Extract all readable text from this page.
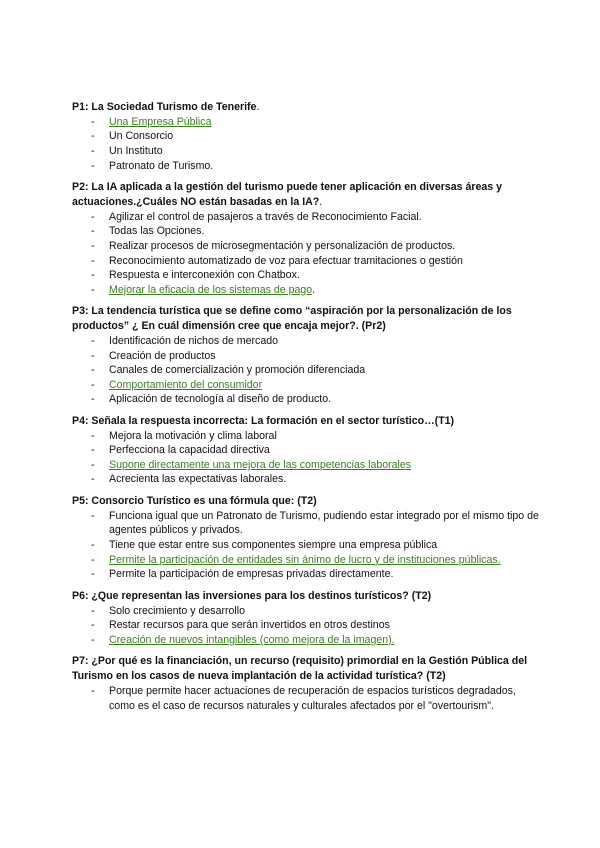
P1: La Sociedad Turismo de Tenerife.

- Una Empresa Pública
- Un Consorcio
- Un Instituto
- Patronato de Turismo.

P2: La IA aplicada a la gestión del turismo puede tener aplicación en diversas áreas y actuaciones.¿Cuáles NO están basadas en la IA?.

- Agilizar el control de pasajeros a través de Reconocimiento Facial.
- Todas las Opciones.
- Realizar procesos de microsegmentación y personalización de productos.
- Reconocimiento automatizado de voz para efectuar tramitaciones o gestión
- Respuesta e interconexión con Chatbox.
- Mejorar la eficacia de los sistemas de pago.

P3: La tendencia turística que se define como “aspiración por la personalización de los productos” ¿ En cuál dimensión cree que encaja mejor?. (Pr2)

- Identificación de nichos de mercado
- Creación de productos
- Canales de comercialización y promoción diferenciada
- Comportamiento del consumidor
- Aplicación de tecnología al diseño de producto.

P4: Señala la respuesta incorrecta: La formación en el sector turístico…(T1)

- Mejora la motivación y clima laboral
- Perfecciona la capacidad directiva
- Supone directamente una mejora de las competencias laborales
- Acrecienta las expectativas laborales.

P5: Consorcio Turístico es una fórmula que: (T2)

- Funciona igual que un Patronato de Turismo, pudiendo estar integrado por el mismo tipo de agentes públicos y privados.
- Tiene que estar entre sus componentes siempre una empresa pública
- Permite la participación de entidades sin ánimo de lucro y de instituciones públicas.
- Permite la participación de empresas privadas directamente.

P6: ¿Que representan las inversiones para los destinos turísticos? (T2)

- Solo crecimiento y desarrollo
- Restar recursos para que serán invertidos en otros destinos
- Creación de nuevos intangibles (como mejora de la imagen).

P7: ¿Por qué es la financiación, un recurso (requisito) primordial en la Gestión Pública del Turismo en los casos de nueva implantación de la actividad turística? (T2)

- Porque permite hacer actuaciones de recuperación de espacios turísticos degradados, como es el caso de recursos naturales y culturales afectados por el "overtourism".
